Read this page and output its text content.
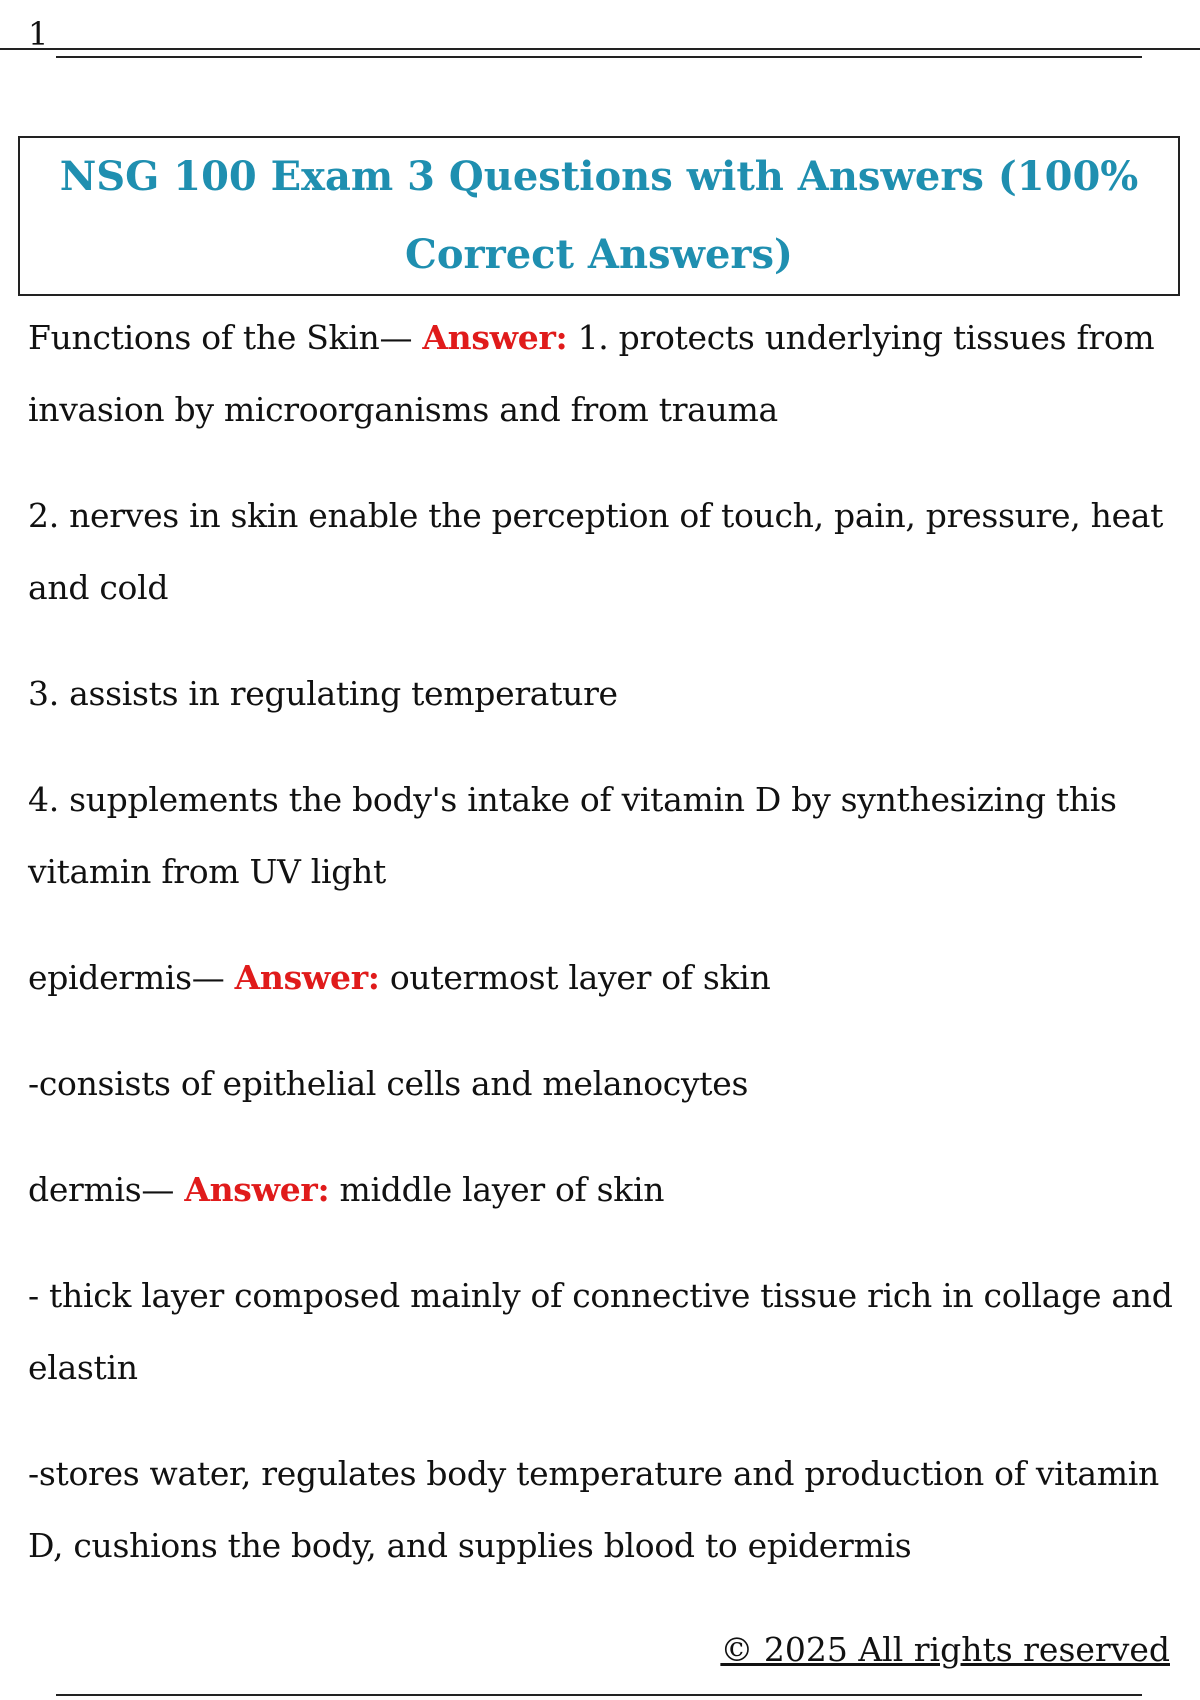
1
NSG 100 Exam 3 Questions with Answers (100% Correct Answers)

Functions of the Skin— Answer: 1. protects underlying tissues from invasion by microorganisms and from trauma

2. nerves in skin enable the perception of touch, pain, pressure, heat and cold

3. assists in regulating temperature

4. supplements the body's intake of vitamin D by synthesizing this vitamin from UV light

epidermis— Answer: outermost layer of skin

-consists of epithelial cells and melanocytes

dermis— Answer: middle layer of skin

- thick layer composed mainly of connective tissue rich in collage and elastin

-stores water, regulates body temperature and production of vitamin D, cushions the body, and supplies blood to epidermis

© 2025 All rights reserved
